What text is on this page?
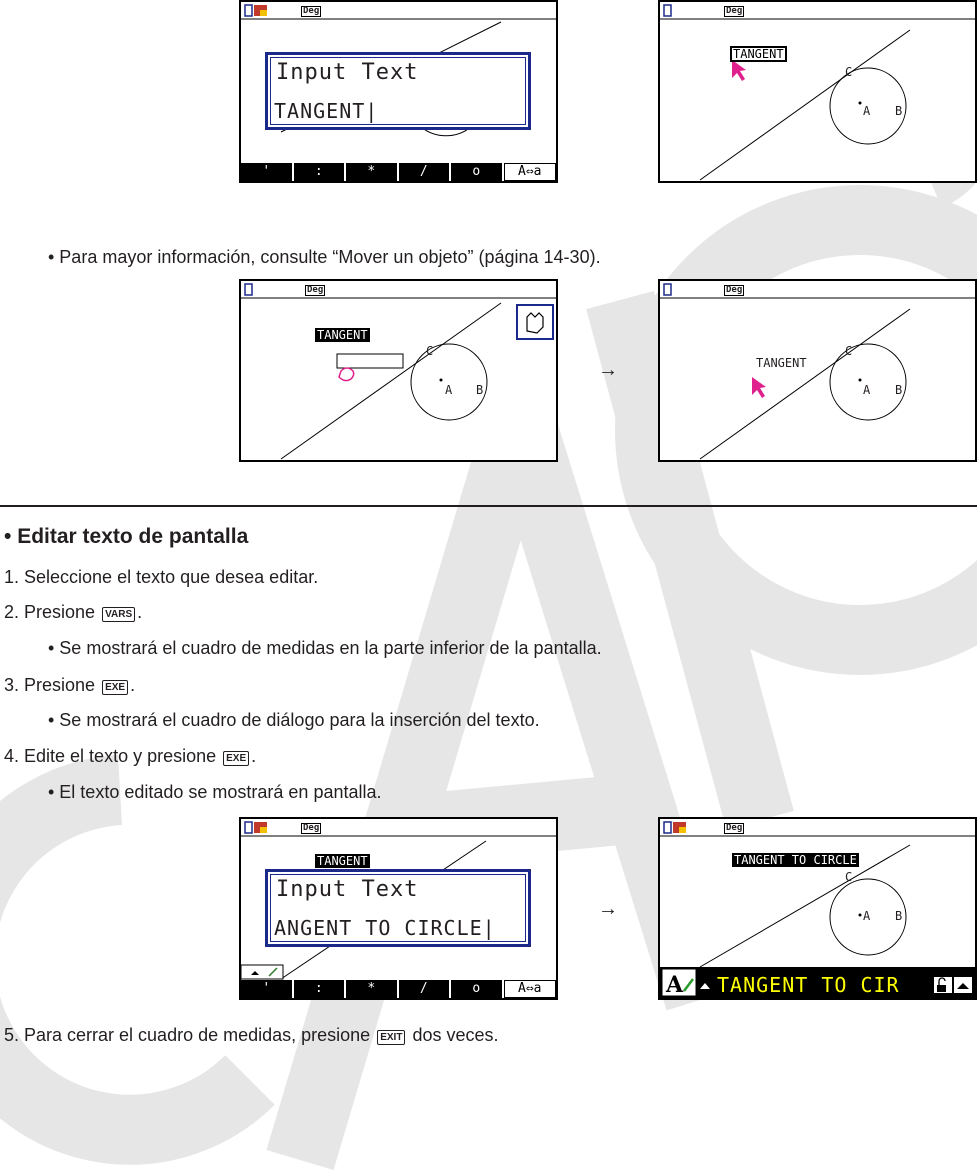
Deg
Input Text
TANGENT |
'	:	*	/	o	A⇔a
Deg
TANGENT
C
A B
• Para mayor información, consulte “Mover un objeto” (página 14-30).
Deg
TANGENT
C
A B
→
Deg
TANGENT
C
A B
• Editar texto de pantalla
1. Seleccione el texto que desea editar.
2. Presione VARS .
• Se mostrará el cuadro de medidas en la parte inferior de la pantalla.
3. Presione EXE .
• Se mostrará el cuadro de diálogo para la inserción del texto.
4. Edite el texto y presione EXE .
• El texto editado se mostrará en pantalla.
Deg
TANGENT
Input Text
ANGENT TO CIRCLE |
'	:	*	/	o	A⇔a
→
A
Deg
TANGENT TO CIRCLE
C
A B
TANGENT TO CIR
5. Para cerrar el cuadro de medidas, presione EXIT dos veces.
